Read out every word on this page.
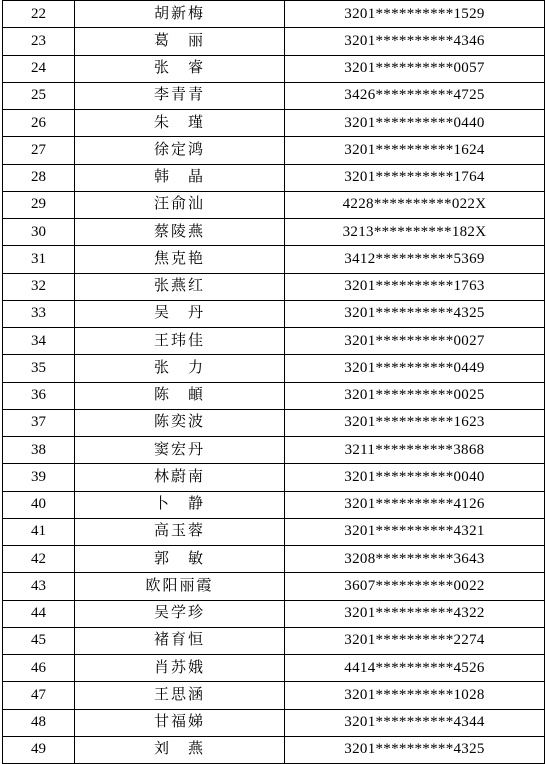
22	胡新梅	3201**********1529
23	葛　丽	3201**********4346
24	张　睿	3201**********0057
25	李青青	3426**********4725
26	朱　瑾	3201**********0440
27	徐定鸿	3201**********1624
28	韩　晶	3201**********1764
29	汪俞汕	4228**********022X
30	蔡陵燕	3213**********182X
31	焦克艳	3412**********5369
32	张燕红	3201**********1763
33	吴　丹	3201**********4325
34	王玮佳	3201**********0027
35	张　力	3201**********0449
36	陈　頔	3201**********0025
37	陈奕波	3201**********1623
38	窦宏丹	3211**********3868
39	林蔚南	3201**********0040
40	卜　静	3201**********4126
41	高玉蓉	3201**********4321
42	郭　敏	3208**********3643
43	欧阳丽霞	3607**********0022
44	吴学珍	3201**********4322
45	褚育恒	3201**********2274
46	肖苏娥	4414**********4526
47	王思涵	3201**********1028
48	甘福娣	3201**********4344
49	刘　燕	3201**********4325
